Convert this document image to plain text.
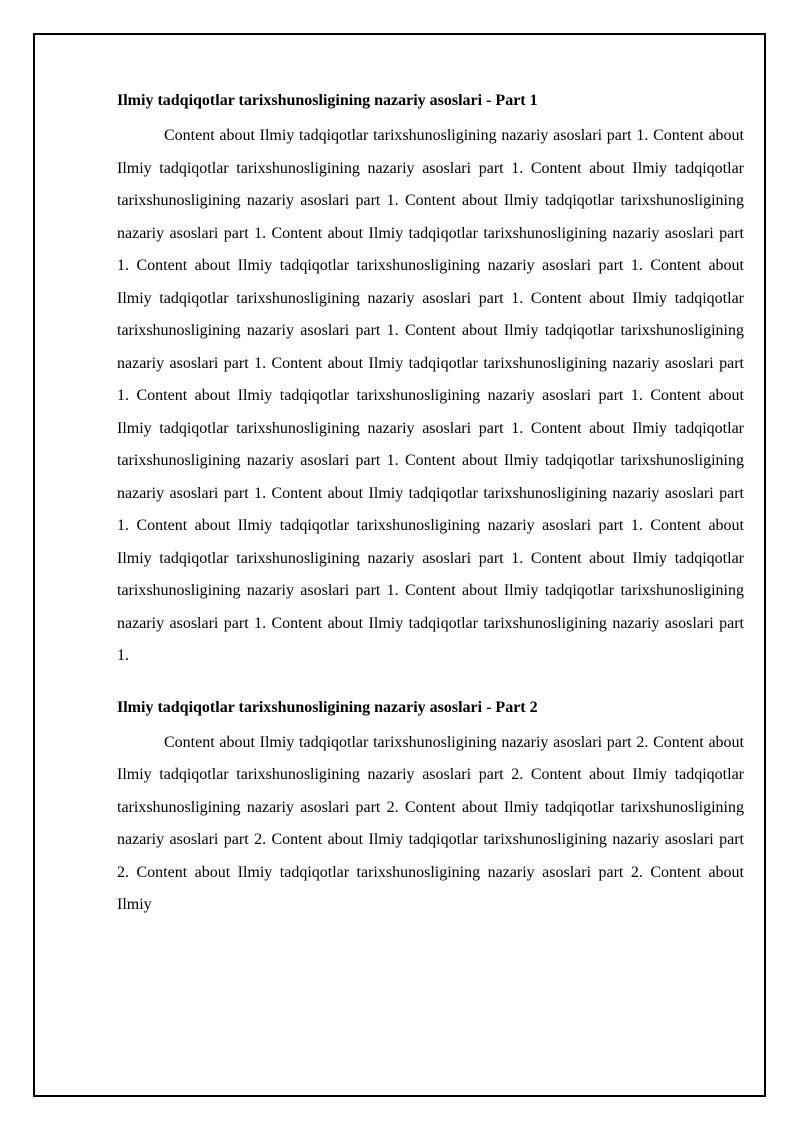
Ilmiy tadqiqotlar tarixshunosligining nazariy asoslari - Part 1

Content about Ilmiy tadqiqotlar tarixshunosligining nazariy asoslari part 1. Content about Ilmiy tadqiqotlar tarixshunosligining nazariy asoslari part 1. Content about Ilmiy tadqiqotlar tarixshunosligining nazariy asoslari part 1. Content about Ilmiy tadqiqotlar tarixshunosligining nazariy asoslari part 1. Content about Ilmiy tadqiqotlar tarixshunosligining nazariy asoslari part 1. Content about Ilmiy tadqiqotlar tarixshunosligining nazariy asoslari part 1. Content about Ilmiy tadqiqotlar tarixshunosligining nazariy asoslari part 1. Content about Ilmiy tadqiqotlar tarixshunosligining nazariy asoslari part 1. Content about Ilmiy tadqiqotlar tarixshunosligining nazariy asoslari part 1. Content about Ilmiy tadqiqotlar tarixshunosligining nazariy asoslari part 1. Content about Ilmiy tadqiqotlar tarixshunosligining nazariy asoslari part 1. Content about Ilmiy tadqiqotlar tarixshunosligining nazariy asoslari part 1. Content about Ilmiy tadqiqotlar tarixshunosligining nazariy asoslari part 1. Content about Ilmiy tadqiqotlar tarixshunosligining nazariy asoslari part 1. Content about Ilmiy tadqiqotlar tarixshunosligining nazariy asoslari part 1. Content about Ilmiy tadqiqotlar tarixshunosligining nazariy asoslari part 1. Content about Ilmiy tadqiqotlar tarixshunosligining nazariy asoslari part 1. Content about Ilmiy tadqiqotlar tarixshunosligining nazariy asoslari part 1. Content about Ilmiy tadqiqotlar tarixshunosligining nazariy asoslari part 1. Content about Ilmiy tadqiqotlar tarixshunosligining nazariy asoslari part 1.

Ilmiy tadqiqotlar tarixshunosligining nazariy asoslari - Part 2

Content about Ilmiy tadqiqotlar tarixshunosligining nazariy asoslari part 2. Content about Ilmiy tadqiqotlar tarixshunosligining nazariy asoslari part 2. Content about Ilmiy tadqiqotlar tarixshunosligining nazariy asoslari part 2. Content about Ilmiy tadqiqotlar tarixshunosligining nazariy asoslari part 2. Content about Ilmiy tadqiqotlar tarixshunosligining nazariy asoslari part 2. Content about Ilmiy tadqiqotlar tarixshunosligining nazariy asoslari part 2. Content about Ilmiy
